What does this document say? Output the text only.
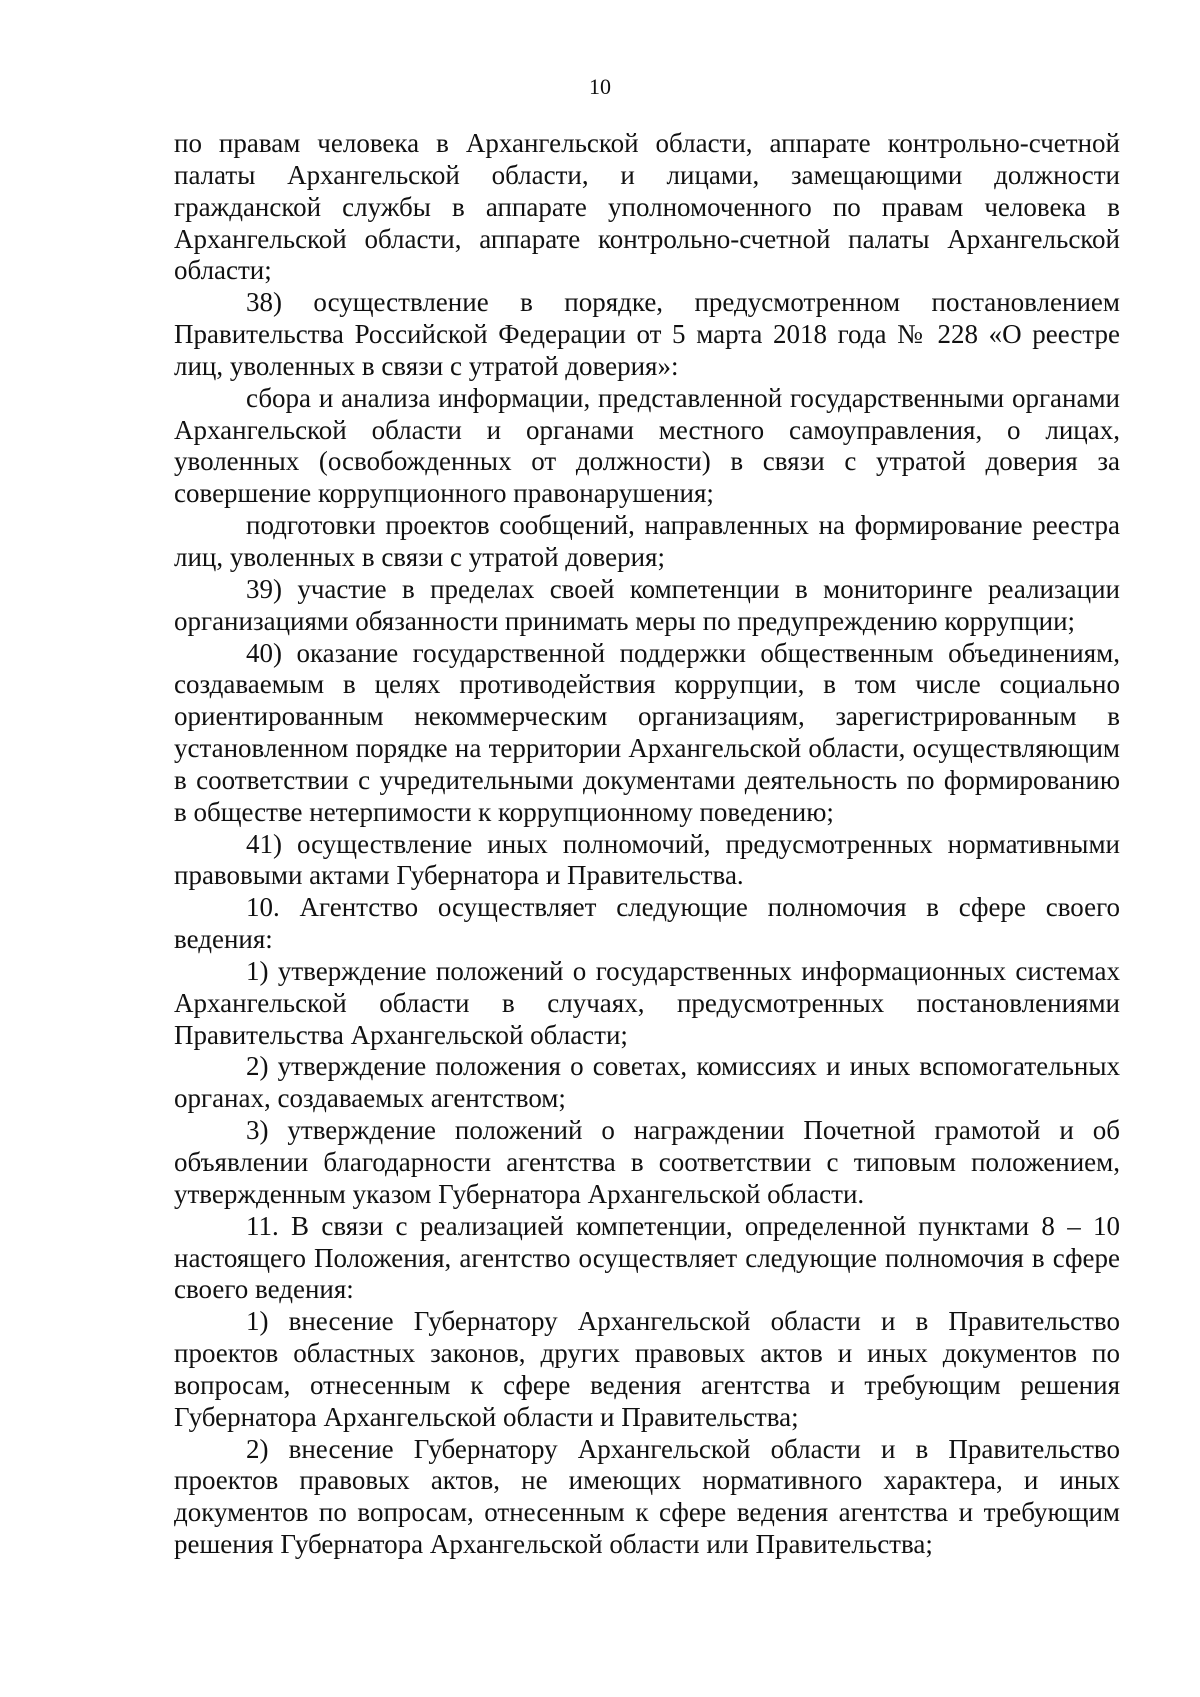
10

по правам человека в Архангельской области, аппарате контрольно-счетной палаты Архангельской области, и лицами, замещающими должности гражданской службы в аппарате уполномоченного по правам человека в Архангельской области, аппарате контрольно-счетной палаты Архангельской области;

38) осуществление в порядке, предусмотренном постановлением Правительства Российской Федерации от 5 марта 2018 года № 228 «О реестре лиц, уволенных в связи с утратой доверия»:

сбора и анализа информации, представленной государственными органами Архангельской области и органами местного самоуправления, о лицах, уволенных (освобожденных от должности) в связи с утратой доверия за совершение коррупционного правонарушения;

подготовки проектов сообщений, направленных на формирование реестра лиц, уволенных в связи с утратой доверия;

39) участие в пределах своей компетенции в мониторинге реализации организациями обязанности принимать меры по предупреждению коррупции;

40) оказание государственной поддержки общественным объединениям, создаваемым в целях противодействия коррупции, в том числе социально ориентированным некоммерческим организациям, зарегистрированным в установленном порядке на территории Архангельской области, осуществляющим в соответствии с учредительными документами деятельность по формированию в обществе нетерпимости к коррупционному поведению;

41) осуществление иных полномочий, предусмотренных нормативными правовыми актами Губернатора и Правительства.

10. Агентство осуществляет следующие полномочия в сфере своего ведения:

1) утверждение положений о государственных информационных системах Архангельской области в случаях, предусмотренных постановлениями Правительства Архангельской области;

2) утверждение положения о советах, комиссиях и иных вспомогательных органах, создаваемых агентством;

3) утверждение положений о награждении Почетной грамотой и об объявлении благодарности агентства в соответствии с типовым положением, утвержденным указом Губернатора Архангельской области.

11. В связи с реализацией компетенции, определенной пунктами 8 – 10 настоящего Положения, агентство осуществляет следующие полномочия в сфере своего ведения:

1) внесение Губернатору Архангельской области и в Правительство проектов областных законов, других правовых актов и иных документов по вопросам, отнесенным к сфере ведения агентства и требующим решения Губернатора Архангельской области и Правительства;

2) внесение Губернатору Архангельской области и в Правительство проектов правовых актов, не имеющих нормативного характера, и иных документов по вопросам, отнесенным к сфере ведения агентства и требующим решения Губернатора Архангельской области или Правительства;
